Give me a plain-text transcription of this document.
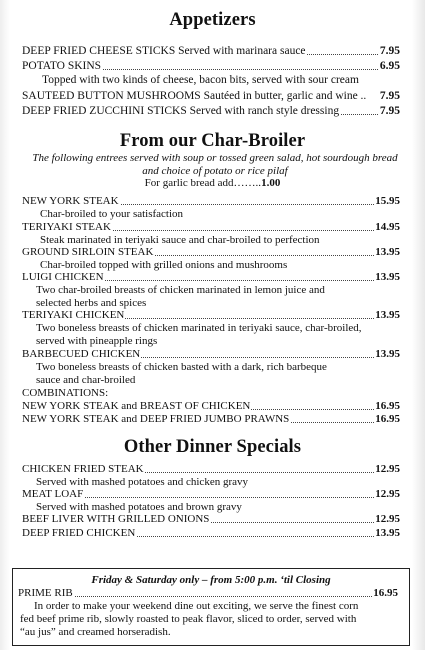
Appetizers
DEEP FRIED CHEESE STICKS Served with marinara sauce	7.95
POTATO SKINS	6.95
Topped with two kinds of cheese, bacon bits, served with sour cream
SAUTEED BUTTON MUSHROOMS Sautéed in butter, garlic and wine .. 7.95
DEEP FRIED ZUCCHINI STICKS Served with ranch style dressing	7.95
From our Char-Broiler
The following entrees served with soup or tossed green salad, hot sourdough bread and choice of potato or rice pilaf
For garlic bread add……..1.00
NEW YORK STEAK	15.95
Char-broiled to your satisfaction
TERIYAKI STEAK	14.95
Steak marinated in teriyaki sauce and char-broiled to perfection
GROUND SIRLOIN STEAK	13.95
Char-broiled topped with grilled onions and mushrooms
LUIGI CHICKEN	13.95
Two char-broiled breasts of chicken marinated in lemon juice and
selected herbs and spices
TERIYAKI CHICKEN	13.95
Two boneless breasts of chicken marinated in teriyaki sauce, char-broiled,
served with pineapple rings
BARBECUED CHICKEN	13.95
Two boneless breasts of chicken basted with a dark, rich barbeque
sauce and char-broiled
COMBINATIONS:
NEW YORK STEAK and BREAST OF CHICKEN	16.95
NEW YORK STEAK and DEEP FRIED JUMBO PRAWNS	16.95
Other Dinner Specials
CHICKEN FRIED STEAK	12.95
Served with mashed potatoes and chicken gravy
MEAT LOAF	12.95
Served with mashed potatoes and brown gravy
BEEF LIVER WITH GRILLED ONIONS	12.95
DEEP FRIED CHICKEN	13.95
Friday & Saturday only – from 5:00 p.m. ‘til Closing
PRIME RIB	16.95
In order to make your weekend dine out exciting, we serve the finest corn
fed beef prime rib, slowly roasted to peak flavor, sliced to order, served with
“au jus” and creamed horseradish.
